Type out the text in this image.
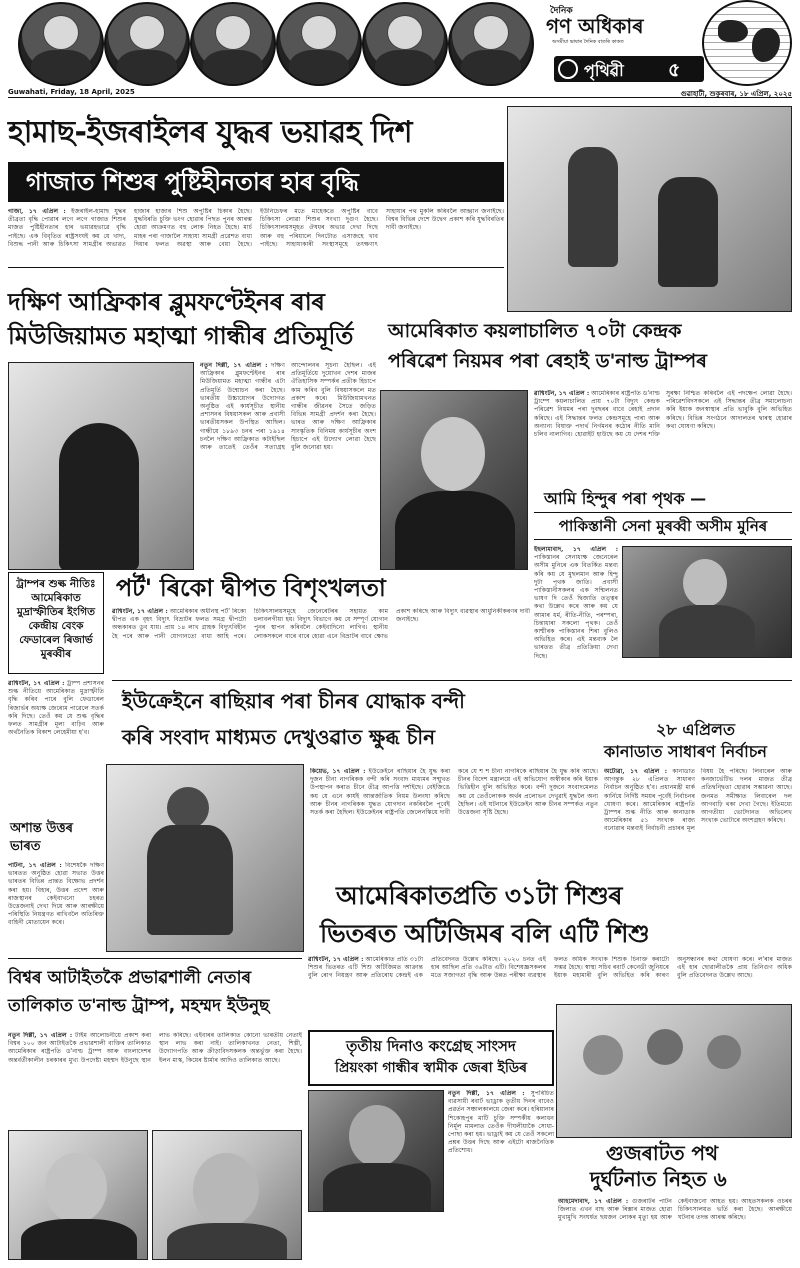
দৈনিক
গণ অধিকাৰ
অসমীয়া ভাষাৰ দৈনিক বাতৰি কাকত
পৃথিৱী ৫
Guwahati, Friday, 18 April, 2025	গুৱাহাটী, শুকুৰবাৰ, ১৮ এপ্ৰিল, ২০২৫
হামাছ-ইজৰাইলৰ যুদ্ধৰ ভয়াৱহ দিশ
গাজাত শিশুৰ পুষ্টিহীনতাৰ হাৰ বৃদ্ধি
গাজা, ১৭ এপ্ৰিল : ইজৰাইল-হামাছ যুদ্ধৰ তীব্ৰতা বৃদ্ধি পোৱাৰ লগে লগে গাজাত শিশুৰ মাজত পুষ্টিহীনতাৰ হাৰ ভয়াৱহভাৱে বৃদ্ধি পাইছে। এক বিবৃতিত ৰাষ্ট্ৰসংঘই কয় যে খাদ্য, বিশুদ্ধ পানী আৰু চিকিৎসা সামগ্ৰীৰ অভাৱত হাজাৰ হাজাৰ শিশু অপুষ্টিৰ চিকাৰ হৈছে। যুদ্ধবিৰতি চুক্তি ভংগ হোৱাৰ পিছত পুনৰ আৰম্ভ হোৱা আক্ৰমণত বহু লোক নিহত হৈছে। মাৰ্চ মাহৰ পৰা গাজালৈ সাহায্য সামগ্ৰী প্ৰৱেশত বাধা দিয়াৰ ফলত অৱস্থা আৰু বেয়া হৈছে। ইউনিচেফৰ মতে মাহেকতে অপুষ্টিৰ বাবে চিকিৎসা লোৱা শিশুৰ সংখ্যা দুগুণ হৈছে। চিকিৎসালয়সমূহত ঔষধৰ অভাৱ দেখা দিছে আৰু বহু পৰিয়ালে দিনটোত এসাজহে খাব পাইছে। সাহায্যকাৰী সংস্থাসমূহে তৎক্ষণাৎ সাহায্যৰ পথ মুকলি কৰিবলৈ আহ্বান জনাইছে। বিশ্বৰ বিভিন্ন দেশে উদ্বেগ প্ৰকাশ কৰি যুদ্ধবিৰতিৰ দাবী জনাইছে।
দক্ষিণ আফ্ৰিকাৰ ব্লুমফণ্টেইনৰ ৰাৰ
মিউজিয়ামত মহাত্মা গান্ধীৰ প্ৰতিমূৰ্তি
নতুন দিল্লী, ১৭ এপ্ৰিল : দক্ষিণ আফ্ৰিকাৰ ব্লুমফণ্টেইনৰ ৰাৰ মিউজিয়ামত মহাত্মা গান্ধীৰ এটা প্ৰতিমূৰ্তি উন্মোচন কৰা হৈছে। ভাৰতীয় উচ্চায়োগৰ উদ্যোগত অনুষ্ঠিত এই কাৰ্যসূচীত স্থানীয় প্ৰশাসনৰ বিষয়াসকল আৰু প্ৰবাসী ভাৰতীয়সকল উপস্থিত আছিল। গান্ধীয়ে ১৮৯৩ চনৰ পৰা ১৯১৪ চনলৈ দক্ষিণ আফ্ৰিকাত কটাইছিল আৰু তাতেই তেওঁৰ সত্যাগ্ৰহ আন্দোলনৰ সূচনা হৈছিল। এই প্ৰতিমূৰ্তিয়ে দুয়োখন দেশৰ মাজৰ ঐতিহাসিক সম্পৰ্কৰ প্ৰতীক হিচাপে কাম কৰিব বুলি বিষয়াসকলে মত প্ৰকাশ কৰে। মিউজিয়ামখনত গান্ধীৰ জীৱনৰ সৈতে জড়িত বিভিন্ন সামগ্ৰী প্ৰদৰ্শন কৰা হৈছে। ভাৰত আৰু দক্ষিণ আফ্ৰিকাৰ সাংস্কৃতিক বিনিময় কাৰ্যসূচীৰ অংশ হিচাপে এই উদ্যোগ লোৱা হৈছে বুলি জনোৱা হয়।
আমেৰিকাত কয়লাচালিত ৭০টা কেন্দ্ৰক
পৰিৱেশ নিয়মৰ পৰা ৰেহাই ড'নাল্ড ট্ৰাম্পৰ
ৱাশ্বিংটন, ১৭ এপ্ৰিল : আমেৰিকাৰ ৰাষ্ট্ৰপতি ড'নাল্ড ট্ৰাম্পে কয়লাচালিত প্ৰায় ৭০টা বিদ্যুৎ কেন্দ্ৰক পৰিৱেশ নিয়মৰ পৰা দুবছৰৰ বাবে ৰেহাই প্ৰদান কৰিছে। এই সিদ্ধান্তৰ ফলত কেন্দ্ৰসমূহে পাৰা আৰু অন্যান্য বিষাক্ত পদাৰ্থ নিৰ্গমনৰ কঠোৰ নীতি মানি চলিব নালাগিব। হোৱাইট হাউছে কয় যে দেশৰ শক্তি সুৰক্ষা নিশ্চিত কৰিবলৈ এই পদক্ষেপ লোৱা হৈছে। পৰিৱেশবিদসকলে এই সিদ্ধান্তৰ তীব্ৰ সমালোচনা কৰি ইয়াক জনস্বাস্থ্যৰ প্ৰতি ভাবুকি বুলি অভিহিত কৰিছে। বিভিন্ন সংগঠনে আদালতৰ দ্বাৰস্থ হোৱাৰ কথা ঘোষণা কৰিছে।
আমি হিন্দুৰ পৰা পৃথক —
পাকিস্তানী সেনা মুৰব্বী অসীম মুনিৰ
ইছলামাবাদ, ১৭ এপ্ৰিল : পাকিস্তানৰ সেনাধ্যক্ষ জেনেৰেল অসীম মুনিৰে এক বিতৰ্কিত মন্তব্য কৰি কয় যে মুছলমান আৰু হিন্দু দুটা পৃথক জাতি। প্ৰবাসী পাকিস্তানীসকলৰ এক সন্মিলনত ভাষণ দি তেওঁ দ্বিজাতি তত্ত্বৰ কথা উল্লেখ কৰে আৰু কয় যে আমাৰ ধৰ্ম, ৰীতি-নীতি, পৰম্পৰা, চিন্তাধাৰা সকলো পৃথক। তেওঁ কাশ্মীৰক পাকিস্তানৰ শিৰা বুলিও অভিহিত কৰে। এই মন্তব্যক লৈ ভাৰতত তীব্ৰ প্ৰতিক্ৰিয়া দেখা দিছে।
ট্ৰাম্পৰ শুল্ক নীতিঃ আমেৰিকাত মুদ্ৰাস্ফীতিৰ ইংগিত কেন্দ্ৰীয় বেংক ফেডাৰেল ৰিজাৰ্ভ মুৰব্বীৰ
ৱাশ্বিংটন, ১৭ এপ্ৰিল : ট্ৰাম্প প্ৰশাসনৰ শুল্ক নীতিয়ে আমেৰিকাত মুদ্ৰাস্ফীতি বৃদ্ধি কৰিব পাৰে বুলি ফেডাৰেল ৰিজাৰ্ভৰ অধ্যক্ষ জেৰোম পাৱেলে সতৰ্ক কৰি দিছে। তেওঁ কয় যে শুল্ক বৃদ্ধিৰ ফলত সামগ্ৰীৰ মূল্য বাঢ়িব আৰু অৰ্থনৈতিক বিকাশ লেহেমীয়া হ'ব।
পৰ্ট' ৰিকো দ্বীপত বিশৃংখলতা
ৱাশ্বিংটন, ১৭ এপ্ৰিল : আমেৰিকাৰ অধীনস্থ পৰ্ট' ৰিকো দ্বীপত এক বৃহৎ বিদ্যুৎ বিভ্ৰাটৰ ফলত সমগ্ৰ দ্বীপটো অন্ধকাৰত ডুব যায়। প্ৰায় ১৪ লাখ গ্ৰাহক বিদ্যুৎবিহীন হৈ পৰে আৰু পানী যোগানতো বাধা আহি পৰে। চিকিৎসালয়সমূহে জেনেৰেটৰৰ সহায়ত কাম চলাবলগীয়া হয়। বিদ্যুৎ বিভাগে কয় যে সম্পূৰ্ণ যোগান পুনৰ স্থাপন কৰিবলৈ কেইবাদিনো লাগিব। স্থানীয় লোকসকলে বাৰে বাৰে হোৱা এনে বিভ্ৰাটৰ বাবে ক্ষোভ প্ৰকাশ কৰিছে আৰু বিদ্যুৎ ব্যৱস্থাৰ আধুনিকীকৰণৰ দাবী জনাইছে।
ইউক্ৰেইনে ৰাছিয়াৰ পৰা চীনৰ যোদ্ধাক বন্দী
কৰি সংবাদ মাধ্যমত দেখুওৱাত ক্ষুব্ধ চীন
কিয়েভ, ১৭ এপ্ৰিল : ইউক্ৰেইনে ৰাছিয়াৰ হৈ যুদ্ধ কৰা দুজন চীনা নাগৰিকক বন্দী কৰি সংবাদ মাধ্যমৰ সন্মুখত উপস্থাপন কৰাত চীনে তীব্ৰ আপত্তি দৰ্শাইছে। বেইজিঙে কয় যে এনে কাৰ্যই আন্তৰ্জাতিক নিয়ম উলংঘা কৰিছে আৰু চীনৰ নাগৰিকক যুদ্ধত যোগদান নকৰিবলৈ পূৰ্বেই সতৰ্ক কৰা হৈছিল। ইউক্ৰেইনৰ ৰাষ্ট্ৰপতি জেলেনস্কিয়ে দাবী কৰে যে শ শ চীনা নাগৰিকে ৰাছিয়াৰ হৈ যুদ্ধ কৰি আছে। চীনৰ বিদেশ মন্ত্ৰালয়ে এই অভিযোগ অস্বীকাৰ কৰি ইয়াক ভিত্তিহীন বুলি অভিহিত কৰে। বন্দী দুজনে সংবাদমেলত কয় যে তেওঁলোকক অৰ্থৰ প্ৰলোভন দেখুৱাই যুদ্ধলৈ অনা হৈছিল। এই ঘটনাৰে ইউক্ৰেইন আৰু চীনৰ সম্পৰ্কত নতুন উত্তেজনা সৃষ্টি হৈছে।
২৮ এপ্ৰিলত
কানাডাত সাধাৰণ নিৰ্বাচন
অটোৱা, ১৭ এপ্ৰিল : কানাডাত আগন্তুক ২৮ এপ্ৰিলত সাধাৰণ নিৰ্বাচন অনুষ্ঠিত হ'ব। প্ৰধানমন্ত্ৰী মাৰ্ক কাৰ্নিয়ে নিৰ্দিষ্ট সময়ৰ পূৰ্বেই নিৰ্বাচনৰ ঘোষণা কৰে। আমেৰিকাৰ ৰাষ্ট্ৰপতি ট্ৰাম্পৰ শুল্ক নীতি আৰু কানাডাক আমেৰিকাৰ ৫১ সংখ্যক ৰাজ্য বনোৱাৰ মন্তব্যই নিৰ্বাচনী প্ৰচাৰৰ মূল বিষয় হৈ পৰিছে। লিবাৰেল আৰু কনজাৰ্ভেটিভ দলৰ মাজত তীব্ৰ প্ৰতিদ্বন্দ্বিতা হোৱাৰ সম্ভাৱনা আছে। জনমত সমীক্ষাত লিবাৰেল দল আগবাঢ়ি থকা দেখা গৈছে। ইতিমধ্যে আগতীয়া ভোটদানত অভিলেখ সংখ্যক ভোটাৰে অংশগ্ৰহণ কৰিছে।
অশান্ত উত্তৰ ভাৰত
পাটনা, ১৭ এপ্ৰিল : বিশেষকৈ দক্ষিণ ভাৰতত অনুষ্ঠিত হোৱা সভাত উত্তৰ ভাৰতৰ বিভিন্ন প্ৰান্তত বিক্ষোভ প্ৰদৰ্শন কৰা হয়। বিহাৰ, উত্তৰ প্ৰদেশ আৰু ৰাজস্থানৰ কেইবাখনো চহৰত উত্তেজনাই দেখা দিয়ে আৰু আৰক্ষীয়ে পৰিস্থিতি নিয়ন্ত্ৰণত ৰাখিবলৈ অতিৰিক্ত বাহিনী মোতায়েন কৰে।
আমেৰিকাতপ্ৰতি ৩১টা শিশুৰ
ভিতৰত অটিজিমৰ বলি এটি শিশু
ৱাশ্বিংটন, ১৭ এপ্ৰিল : আমেৰিকাত প্ৰতি ৩১টা শিশুৰ ভিতৰত এটি শিশু অটিজিমত আক্ৰান্ত বুলি ৰোগ নিয়ন্ত্ৰণ আৰু প্ৰতিৰোধ কেন্দ্ৰই এক প্ৰতিবেদনত উল্লেখ কৰিছে। ২০২০ চনত এই হাৰ আছিল প্ৰতি ৩৬টাত এটি। বিশেষজ্ঞসকলৰ মতে সজাগতা বৃদ্ধি আৰু উন্নত পৰীক্ষা ব্যৱস্থাৰ ফলত অধিক সংখ্যক শিশুক চিনাক্ত কৰাটো সম্ভৱ হৈছে। স্বাস্থ্য সচিব ৰবাৰ্ট কেনেডী জুনিয়ৰে ইয়াক মহামাৰী বুলি অভিহিত কৰি কাৰণ অনুসন্ধানৰ কথা ঘোষণা কৰে। ল'ৰাৰ মাজত এই হাৰ ছোৱালীতকৈ প্ৰায় তিনিগুণ অধিক বুলি প্ৰতিবেদনত উল্লেখ আছে।
বিশ্বৰ আটাইতকৈ প্ৰভাৱশালী নেতাৰ
তালিকাত ড'নাল্ড ট্ৰাম্প, মহম্মদ ইউনুছ
নতুন দিল্লী, ১৭ এপ্ৰিল : টাইম আলোচনীয়ে প্ৰকাশ কৰা বিশ্বৰ ১০০ জন আটাইতকৈ প্ৰভাৱশালী ব্যক্তিৰ তালিকাত আমেৰিকাৰ ৰাষ্ট্ৰপতি ড'নাল্ড ট্ৰাম্প আৰু বাংলাদেশৰ অন্তৰ্বৰ্তীকালীন চৰকাৰৰ মুখ্য উপদেষ্টা মহম্মদ ইউনুছে স্থান লাভ কৰিছে। এইবাৰৰ তালিকাত কোনো ভাৰতীয় নেতাই স্থান লাভ কৰা নাই। তালিকাখনত নেতা, শিল্পী, উদ্যোগপতি আৰু ক্ৰীড়াবিদসকলক অন্তৰ্ভুক্ত কৰা হৈছে। ইলন মাস্ক, কিয়েৰ ষ্টাৰ্মাৰ আদিও তালিকাত আছে।
তৃতীয় দিনাও কংগ্ৰেছ সাংসদ
প্ৰিয়ংকা গান্ধীৰ স্বামীক জেৰা ইডিৰ
নতুন দিল্লী, ১৭ এপ্ৰিল : সুপৰিচিত ব্যৱসায়ী ৰবাৰ্ট ভাড্ৰাক তৃতীয় দিনৰ বাবেও প্ৰৱৰ্তন সঞ্চালকালয়ে জেৰা কৰে। হৰিয়ানাৰ শিকোহপুৰ মাটি চুক্তি সম্পৰ্কীয় কলাধন নিৰ্মূল মামলাত তেওঁক দীঘলীয়াকৈ সোধা-পোছা কৰা হয়। ভাড্ৰাই কয় যে তেওঁ সকলো প্ৰশ্নৰ উত্তৰ দিছে আৰু এইটো ৰাজনৈতিক প্ৰতিশোধ।	গুজৰাটত পথ
দুৰ্ঘটনাত নিহত ৬
আহমেদাবাদ, ১৭ এপ্ৰিল : গুজৰাটৰ পাটন জিলাত এখন বাছ আৰু ৰিক্সাৰ মাজত হোৱা মুখামুখি সংঘৰ্ষত ছয়জন লোকৰ মৃত্যু হয় আৰু কেইবাজনো আহত হয়। আহতসকলক ওচৰৰ চিকিৎসালয়ত ভৰ্তি কৰা হৈছে। আৰক্ষীয়ে ঘটনাৰ তদন্ত আৰম্ভ কৰিছে।
